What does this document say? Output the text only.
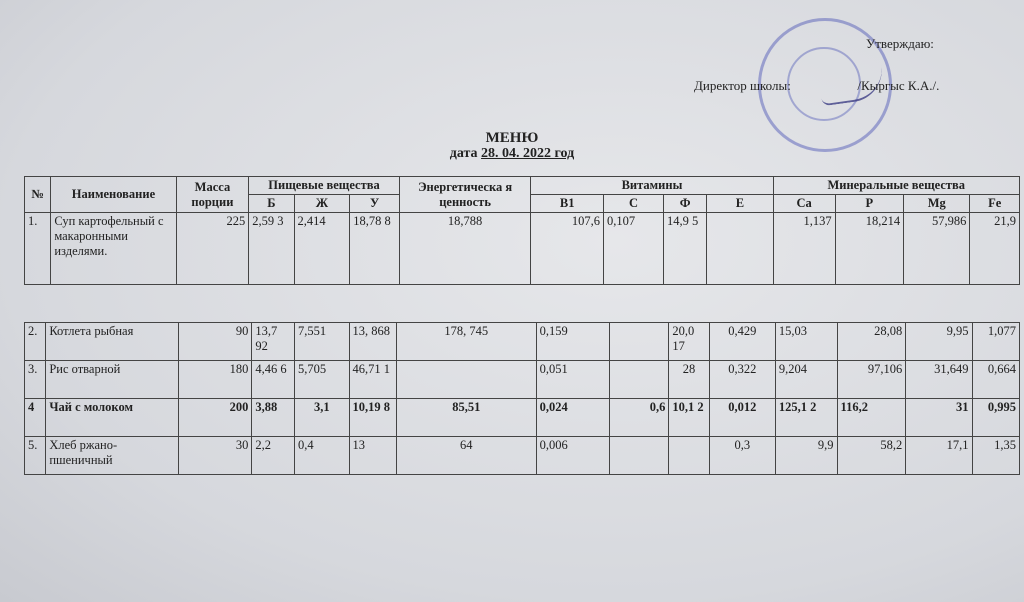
Утверждаю:
Директор школы:	/Кыргыс К.А./.
МЕНЮ
дата 28. 04. 2022 год
№	Наименование	Масса порции	Пищевые вещества			Энергетическа я ценность	Витамины				Минеральные вещества			
			Б	Ж	У		В1	С	Ф	Е	Са	Р	Mg	Fe
1.	Суп картофельный с макаронными изделями.	225	2,59 3	2,414	18,78 8	18,788	107,6	0,107	14,9 5		1,137	18,214	57,986	21,9
2.	Котлета рыбная	90	13,7 92	7,551	13, 868	178, 745	0,159		20,0 17	0,429	15,03	28,08	9,95	1,077
3.	Рис отварной	180	4,46 6	5,705	46,71 1		0,051		28	0,322	9,204	97,106	31,649	0,664
4	Чай с молоком	200	3,88	3,1	10,19 8	85,51	0,024	0,6	10,1 2	0,012	125,1 2	116,2	31	0,995
5.	Хлеб ржано-пшеничный	30	2,2	0,4	13	64	0,006			0,3	9,9	58,2	17,1	1,35
